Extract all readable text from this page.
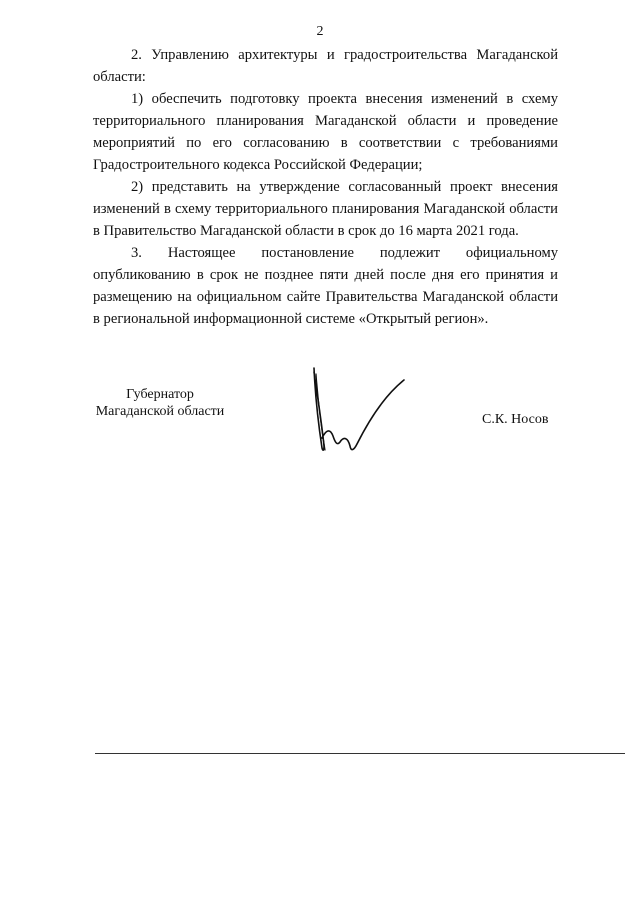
2

2. Управлению архитектуры и градостроительства Магаданской области:

1) обеспечить подготовку проекта внесения изменений в схему территориального планирования Магаданской области и проведение мероприятий по его согласованию в соответствии с требованиями Градостроительного кодекса Российской Федерации;

2) представить на утверждение согласованный проект внесения изменений в схему территориального планирования Магаданской области в Правительство Магаданской области в срок до 16 марта 2021 года.

3. Настоящее постановление подлежит официальному опубликованию в срок не позднее пяти дней после дня его принятия и размещению на официальном сайте Правительства Магаданской области в региональной информационной системе «Открытый регион».

Губернатор
Магаданской области
С.К. Носов
